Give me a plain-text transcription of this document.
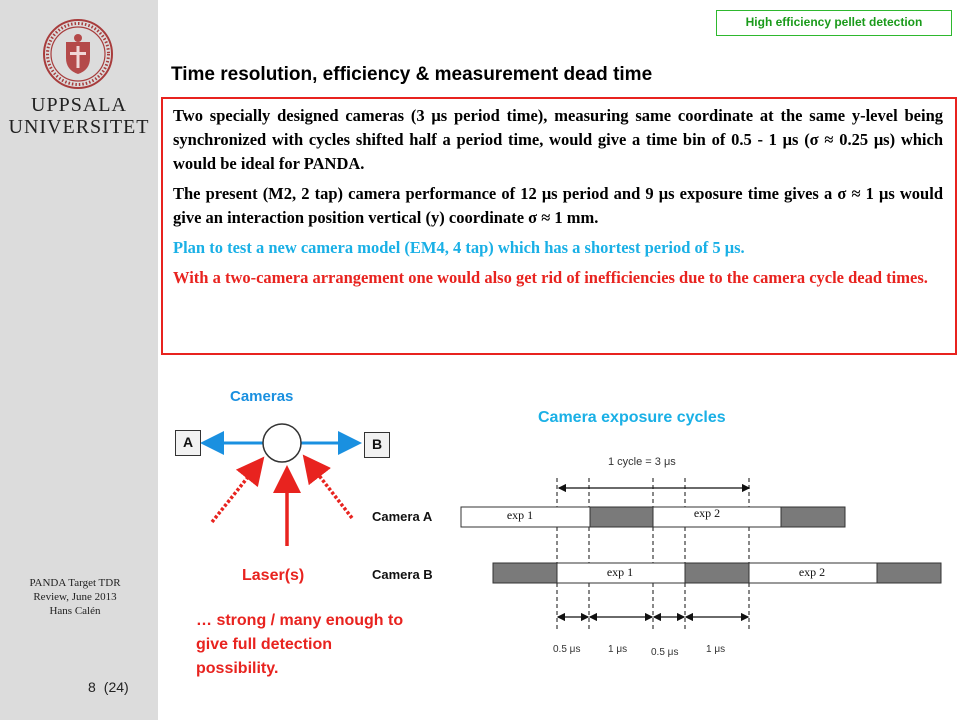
UPPSALA
UNIVERSITET
PANDA Target TDR
Review, June 2013
Hans Calén
8 (24)
High efficiency pellet detection
Time resolution, efficiency & measurement dead time

Two specially designed cameras (3 μs period time), measuring same coordinate at the same y-level being synchronized with cycles shifted half a period time, would give a time bin of 0.5 - 1 μs (σ ≈ 0.25 μs) which would be ideal for PANDA.

The present (M2, 2 tap) camera performance of 12 μs period and 9 μs exposure time gives a σ ≈ 1 μs would give an interaction position vertical (y) coordinate σ ≈ 1 mm.

Plan to test a new camera model (EM4, 4 tap) which has a shortest period of 5 μs.

With a two-camera arrangement one would also get rid of inefficiencies due to the camera cycle dead times.

Cameras
A	B
Laser(s)
… strong / many enough to give full detection possibility.
Camera exposure cycles
1 cycle = 3 μs
Camera A
Camera B
exp 1	exp 2
exp 1	exp 2
0.5 μs	1 μs 0.5 μs	1 μs
